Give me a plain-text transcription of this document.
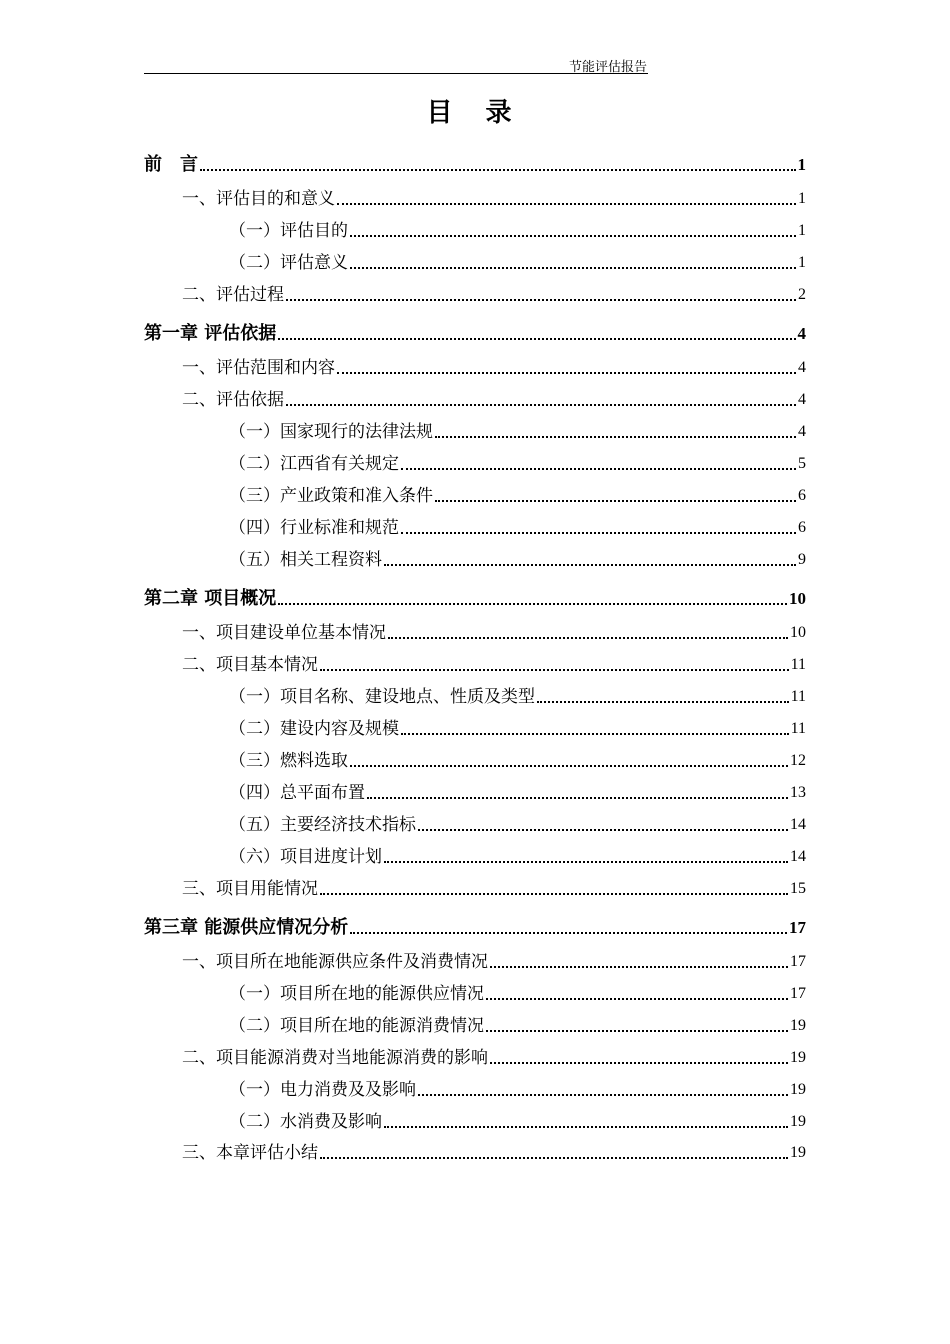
节能评估报告
目 录
前　言	1
一、评估目的和意义	1
（一）评估目的	1
（二）评估意义	1
二、评估过程	2
第一章 评估依据	4
一、评估范围和内容	4
二、评估依据	4
（一）国家现行的法律法规	4
（二）江西省有关规定	5
（三）产业政策和准入条件	6
（四）行业标准和规范	6
（五）相关工程资料	9
第二章 项目概况	10
一、项目建设单位基本情况	10
二、项目基本情况	11
（一）项目名称、建设地点、性质及类型	11
（二）建设内容及规模	11
（三）燃料选取	12
（四）总平面布置	13
（五）主要经济技术指标	14
（六）项目进度计划	14
三、项目用能情况	15
第三章 能源供应情况分析	17
一、项目所在地能源供应条件及消费情况	17
（一）项目所在地的能源供应情况	17
（二）项目所在地的能源消费情况	19
二、项目能源消费对当地能源消费的影响	19
（一）电力消费及及影响	19
（二）水消费及影响	19
三、本章评估小结	19
